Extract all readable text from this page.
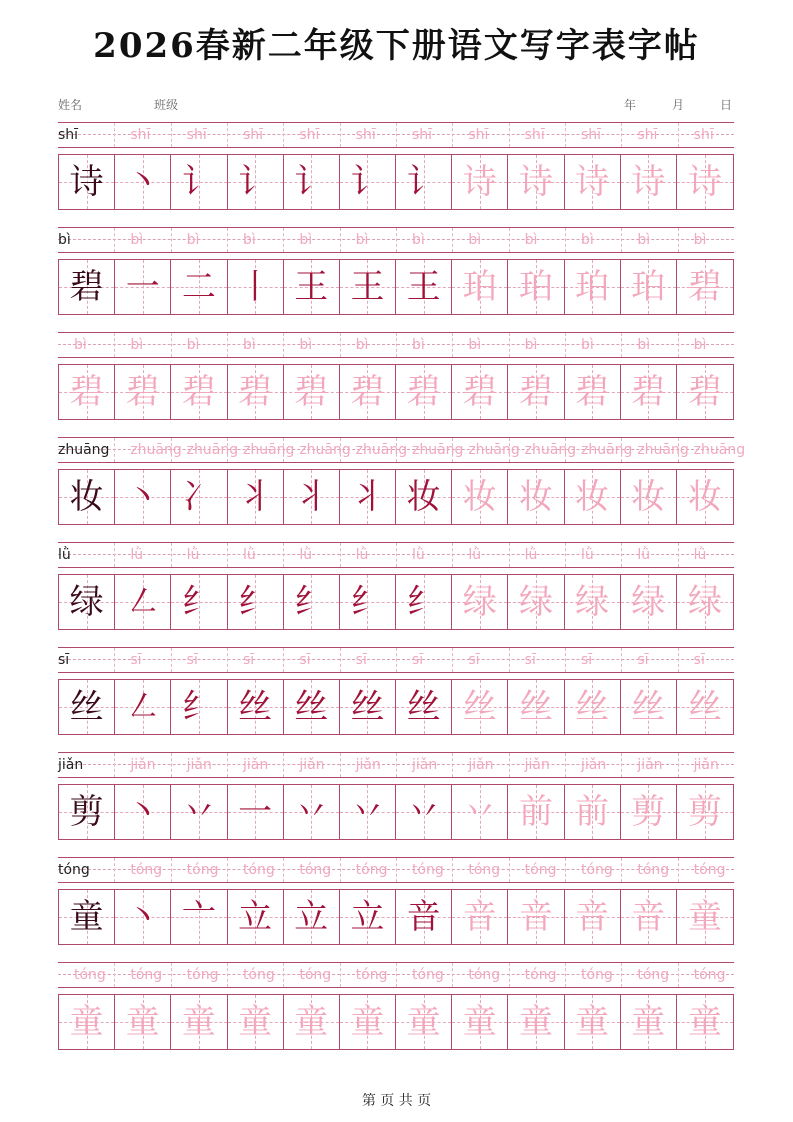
2026春新二年级下册语文写字表字帖
姓名	班级	年	月	日
shī	shī	shī	shī	shī	shī	shī	shī	shī	shī	shī	shī
诗 丶 讠 讠 讠 讠 讠 诗 诗 诗 诗 诗
bì	bì	bì	bì	bì	bì	bì	bì	bì	bì	bì	bì
碧 一 二 丨 王 王 王 珀 珀 珀 珀 碧
bì	bì	bì	bì	bì	bì	bì	bì	bì	bì	bì	bì
碧 碧 碧 碧 碧 碧 碧 碧 碧 碧 碧 碧
zhuāng	zhuāng zhuāng zhuāng zhuāng zhuāng zhuāng zhuāng zhuāng zhuāng zhuāng zhuāng
妆 丶 冫 丬 丬 丬 妆 妆 妆 妆 妆 妆
lǜ	lǜ	lǜ	lǜ	lǜ	lǜ	lǜ	lǜ	lǜ	lǜ	lǜ	lǜ
绿 ㇜ 纟 纟 纟 纟 纟 绿 绿 绿 绿 绿
sī	sī	sī	sī	sī	sī	sī	sī	sī	sī	sī	sī
丝 ㇜ 纟 丝 丝 丝 丝 丝 丝 丝 丝 丝
jiǎn	jiǎn	jiǎn	jiǎn	jiǎn	jiǎn	jiǎn	jiǎn	jiǎn	jiǎn	jiǎn	jiǎn
剪 丶 丷 一 丷 丷 丷 丷 前 前 剪 剪
tóng	tóng	tóng	tóng	tóng	tóng	tóng	tóng	tóng	tóng	tóng	tóng
童 丶 亠 立 立 立 音 音 音 音 音 童
tóng	tóng	tóng	tóng	tóng	tóng	tóng	tóng	tóng	tóng	tóng	tóng
童 童 童 童 童 童 童 童 童 童 童 童
第 页 共 页
